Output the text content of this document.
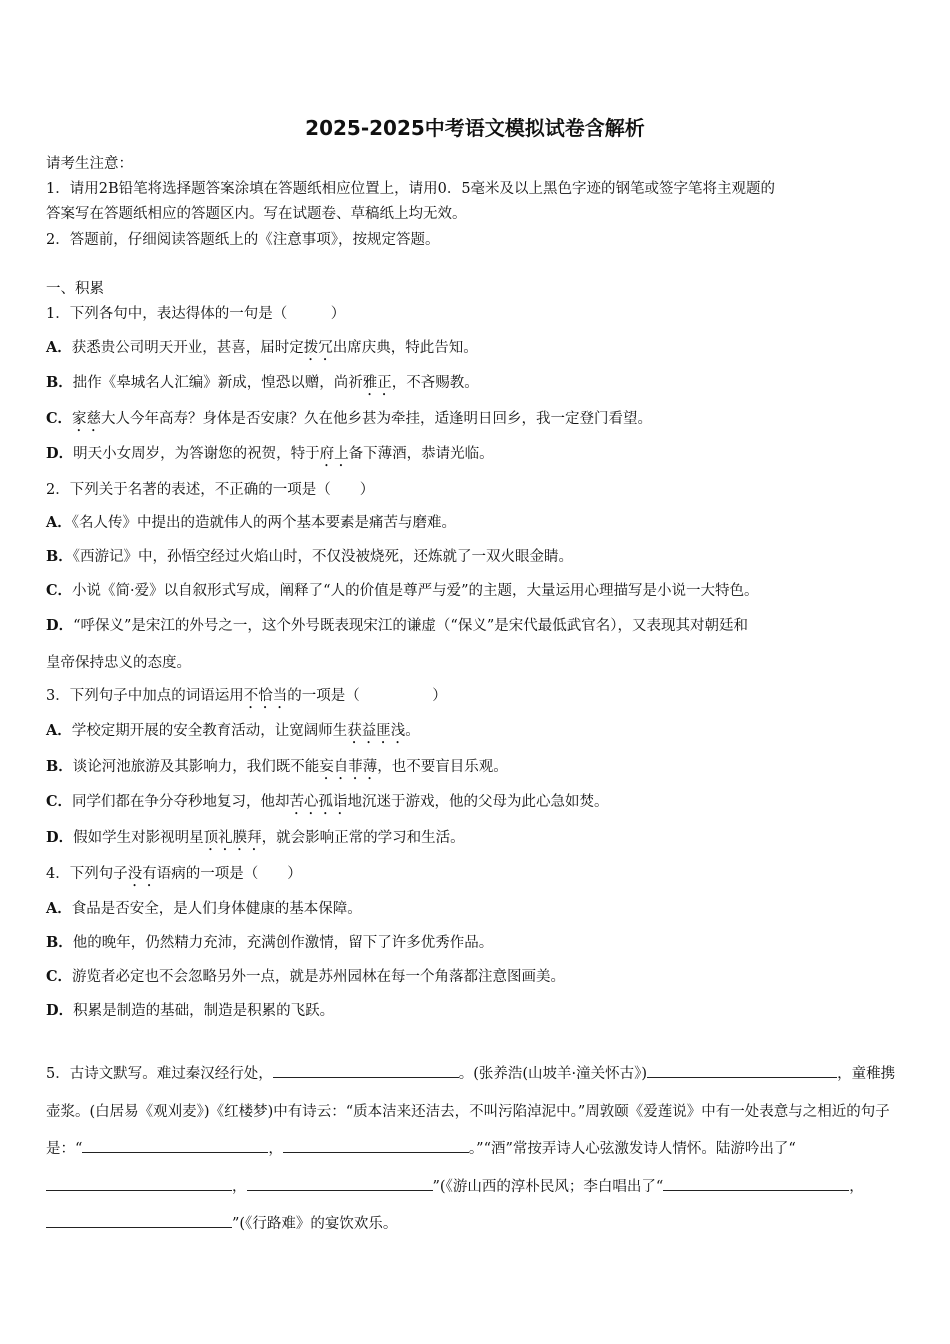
2025-2025中考语文模拟试卷含解析
请考生注意：
1．请用2B铅笔将选择题答案涂填在答题纸相应位置上，请用0．5毫米及以上黑色字迹的钢笔或签字笔将主观题的
答案写在答题纸相应的答题区内。写在试题卷、草稿纸上均无效。
2．答题前，仔细阅读答题纸上的《注意事项》，按规定答题。
一、积累
1．下列各句中，表达得体的一句是（　　　）
A．获悉贵公司明天开业，甚喜，届时定拨冗出席庆典，特此告知。
B．拙作《皋城名人汇编》新成，惶恐以赠，尚祈雅正，不吝赐教。
C．家慈大人今年高寿？身体是否安康？久在他乡甚为牵挂，适逢明日回乡，我一定登门看望。
D．明天小女周岁，为答谢您的祝贺，特于府上备下薄酒，恭请光临。
2．下列关于名著的表述，不正确的一项是（　　）
A．《名人传》中提出的造就伟人的两个基本要素是痛苦与磨难。
B．《西游记》中，孙悟空经过火焰山时，不仅没被烧死，还炼就了一双火眼金睛。
C．小说《简·爱》以自叙形式写成，阐释了“人的价值是尊严与爱”的主题，大量运用心理描写是小说一大特色。
D．“呼保义”是宋江的外号之一，这个外号既表现宋江的谦虚（“保义”是宋代最低武官名），又表现其对朝廷和
皇帝保持忠义的态度。
3．下列句子中加点的词语运用不恰当的一项是（　　　　　）
A．学校定期开展的安全教育活动，让宽阔师生获益匪浅。
B．谈论河池旅游及其影响力，我们既不能妄自菲薄，也不要盲目乐观。
C．同学们都在争分夺秒地复习，他却苦心孤诣地沉迷于游戏，他的父母为此心急如焚。
D．假如学生对影视明星顶礼膜拜，就会影响正常的学习和生活。
4．下列句子没有语病的一项是（　　）
A．食品是否安全，是人们身体健康的基本保障。
B．他的晚年，仍然精力充沛，充满创作激情，留下了许多优秀作品。
C．游览者必定也不会忽略另外一点，就是苏州园林在每一个角落都注意图画美。
D．积累是制造的基础，制造是积累的飞跃。
5．古诗文默写。难过秦汉经行处，	。(张养浩(山坡羊·潼关怀古》)	，童稚携壶浆。(白居易《观刈麦》)《红楼梦)中有诗云：“质本洁来还洁去，不叫污陷淖泥中。”周敦颐《爱莲说》中有一处表意与之相近的句子是：“	，	。”“酒”常按弄诗人心弦激发诗人情怀。陆游吟出了“，	”(《游山西的淳朴民风；李白唱出了“	，”(《行路难》的宴饮欢乐。
